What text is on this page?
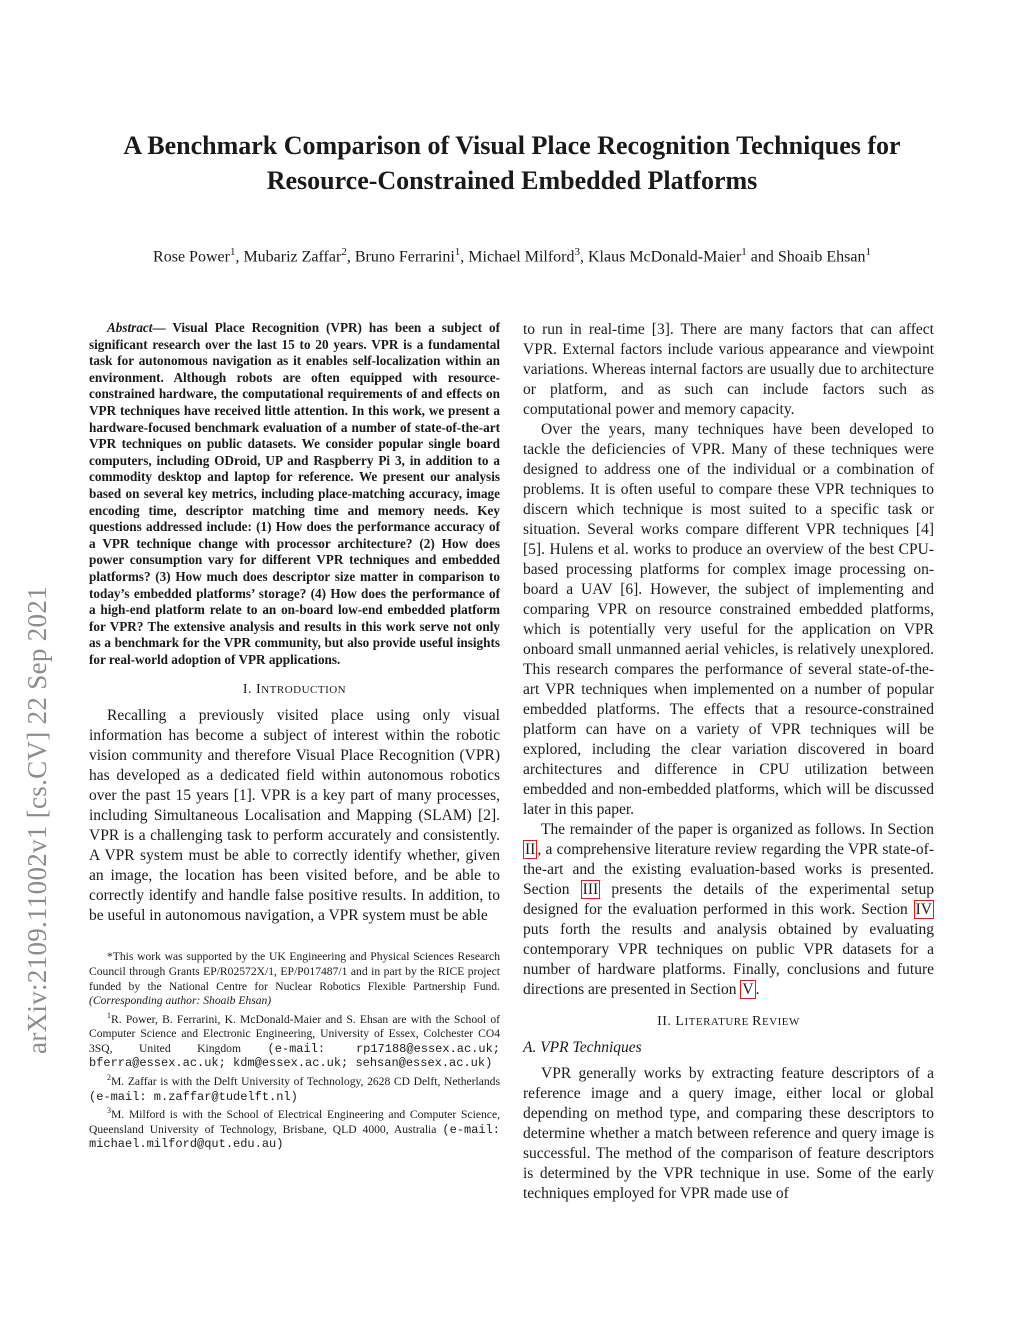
arXiv:2109.11002v1 [cs.CV] 22 Sep 2021
A Benchmark Comparison of Visual Place Recognition Techniques for Resource-Constrained Embedded Platforms
Rose Power$^1$, Mubariz Zaffar$^2$, Bruno Ferrarini$^1$, Michael Milford$^3$, Klaus McDonald-Maier$^1$ and Shoaib Ehsan$^1$

Abstract— Visual Place Recognition (VPR) has been a subject of significant research over the last 15 to 20 years. VPR is a fundamental task for autonomous navigation as it enables self-localization within an environment. Although robots are often equipped with resource-constrained hardware, the computational requirements of and effects on VPR techniques have received little attention. In this work, we present a hardware-focused benchmark evaluation of a number of state-of-the-art VPR techniques on public datasets. We consider popular single board computers, including ODroid, UP and Raspberry Pi 3, in addition to a commodity desktop and laptop for reference. We present our analysis based on several key metrics, including place-matching accuracy, image encoding time, descriptor matching time and memory needs. Key questions addressed include: (1) How does the performance accuracy of a VPR technique change with processor architecture? (2) How does power consumption vary for different VPR techniques and embedded platforms? (3) How much does descriptor size matter in comparison to today’s embedded platforms’ storage? (4) How does the performance of a high-end platform relate to an on-board low-end embedded platform for VPR? The extensive analysis and results in this work serve not only as a benchmark for the VPR community, but also provide useful insights for real-world adoption of VPR applications.

I. INTRODUCTION

Recalling a previously visited place using only visual information has become a subject of interest within the robotic vision community and therefore Visual Place Recognition (VPR) has developed as a dedicated field within autonomous robotics over the past 15 years [1]. VPR is a key part of many processes, including Simultaneous Localisation and Mapping (SLAM) [2]. VPR is a challenging task to perform accurately and consistently. A VPR system must be able to correctly identify whether, given an image, the location has been visited before, and be able to correctly identify and handle false positive results. In addition, to be useful in autonomous navigation, a VPR system must be able

*This work was supported by the UK Engineering and Physical Sciences Research Council through Grants EP/R02572X/1, EP/P017487/1 and in part by the RICE project funded by the National Centre for Nuclear Robotics Flexible Partnership Fund. (Corresponding author: Shoaib Ehsan)

$^1$R. Power, B. Ferrarini, K. McDonald-Maier and S. Ehsan are with the School of Computer Science and Electronic Engineering, University of Essex, Colchester CO4 3SQ, United Kingdom (e-mail: rp17188@essex.ac.uk; bferra@essex.ac.uk; kdm@essex.ac.uk; sehsan@essex.ac.uk)

$^2$M. Zaffar is with the Delft University of Technology, 2628 CD Delft, Netherlands (e-mail: m.zaffar@tudelft.nl)

$^3$M. Milford is with the School of Electrical Engineering and Computer Science, Queensland University of Technology, Brisbane, QLD 4000, Australia (e-mail: michael.milford@qut.edu.au)

to run in real-time [3]. There are many factors that can affect VPR. External factors include various appearance and viewpoint variations. Whereas internal factors are usually due to architecture or platform, and as such can include factors such as computational power and memory capacity.

Over the years, many techniques have been developed to tackle the deficiencies of VPR. Many of these techniques were designed to address one of the individual or a combination of problems. It is often useful to compare these VPR techniques to discern which technique is most suited to a specific task or situation. Several works compare different VPR techniques [4] [5]. Hulens et al. works to produce an overview of the best CPU-based processing platforms for complex image processing on-board a UAV [6]. However, the subject of implementing and comparing VPR on resource constrained embedded platforms, which is potentially very useful for the application on VPR onboard small unmanned aerial vehicles, is relatively unexplored. This research compares the performance of several state-of-the-art VPR techniques when implemented on a number of popular embedded platforms. The effects that a resource-constrained platform can have on a variety of VPR techniques will be explored, including the clear variation discovered in board architectures and difference in CPU utilization between embedded and non-embedded platforms, which will be discussed later in this paper.

The remainder of the paper is organized as follows. In Section II , a comprehensive literature review regarding the VPR state-of-the-art and the existing evaluation-based works is presented. Section III presents the details of the experimental setup designed for the evaluation performed in this work. Section IV puts forth the results and analysis obtained by evaluating contemporary VPR techniques on public VPR datasets for a number of hardware platforms. Finally, conclusions and future directions are presented in Section V .

II. LITERATURE REVIEW
A. VPR Techniques

VPR generally works by extracting feature descriptors of a reference image and a query image, either local or global depending on method type, and comparing these descriptors to determine whether a match between reference and query image is successful. The method of the comparison of feature descriptors is determined by the VPR technique in use. Some of the early techniques employed for VPR made use of
